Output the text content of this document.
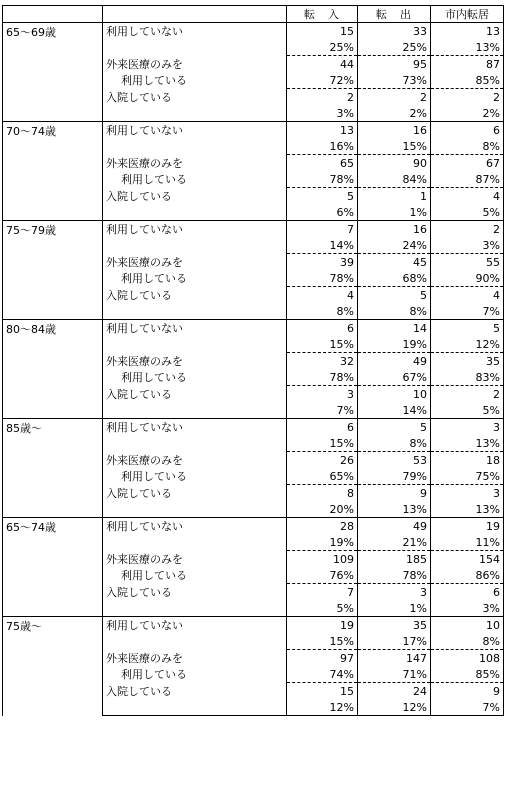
		転　入	転　出	市内転居
65～69歳	利用していない	15	33	13
		25%	25%	13%
	外来医療のみを	44	95	87
	利用している	72%	73%	85%
	入院している	2	2	2
		3%	2%	2%
70～74歳	利用していない	13	16	6
		16%	15%	8%
	外来医療のみを	65	90	67
	利用している	78%	84%	87%
	入院している	5	1	4
		6%	1%	5%
75～79歳	利用していない	7	16	2
		14%	24%	3%
	外来医療のみを	39	45	55
	利用している	78%	68%	90%
	入院している	4	5	4
		8%	8%	7%
80～84歳	利用していない	6	14	5
		15%	19%	12%
	外来医療のみを	32	49	35
	利用している	78%	67%	83%
	入院している	3	10	2
		7%	14%	5%
85歳～	利用していない	6	5	3
		15%	8%	13%
	外来医療のみを	26	53	18
	利用している	65%	79%	75%
	入院している	8	9	3
		20%	13%	13%
65～74歳	利用していない	28	49	19
		19%	21%	11%
	外来医療のみを	109	185	154
	利用している	76%	78%	86%
	入院している	7	3	6
		5%	1%	3%
75歳～	利用していない	19	35	10
		15%	17%	8%
	外来医療のみを	97	147	108
	利用している	74%	71%	85%
	入院している	15	24	9
		12%	12%	7%
